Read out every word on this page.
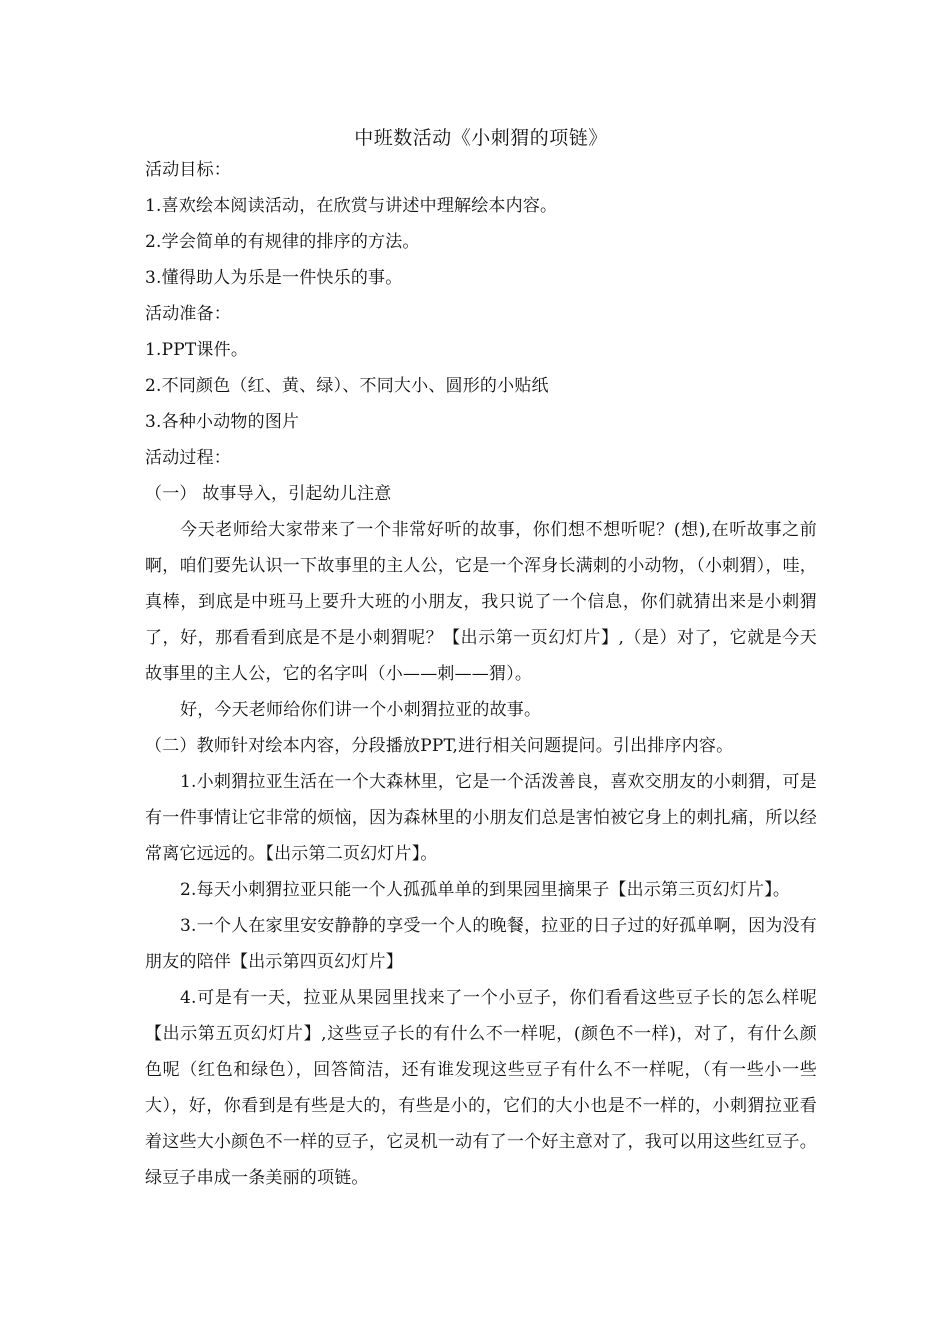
中班数活动《小刺猬的项链》

活动目标：

1.喜欢绘本阅读活动，在欣赏与讲述中理解绘本内容。

2.学会简单的有规律的排序的方法。

3.懂得助人为乐是一件快乐的事。

活动准备：

1.PPT课件。

2.不同颜色（红、黄、绿）、不同大小、圆形的小贴纸

3.各种小动物的图片

活动过程：

（一） 故事导入，引起幼儿注意

今天老师给大家带来了一个非常好听的故事，你们想不想听呢？(想),在听故事之前啊，咱们要先认识一下故事里的主人公，它是一个浑身长满刺的小动物，（小刺猬），哇，真棒，到底是中班马上要升大班的小朋友，我只说了一个信息，你们就猜出来是小刺猬了，好，那看看到底是不是小刺猬呢？【出示第一页幻灯片】,（是）对了，它就是今天故事里的主人公，它的名字叫（小——刺——猬）。

好，今天老师给你们讲一个小刺猬拉亚的故事。

（二）教师针对绘本内容，分段播放PPT,进行相关问题提问。引出排序内容。

1.小刺猬拉亚生活在一个大森林里，它是一个活泼善良，喜欢交朋友的小刺猬，可是有一件事情让它非常的烦恼，因为森林里的小朋友们总是害怕被它身上的刺扎痛，所以经常离它远远的。【出示第二页幻灯片】。

2.每天小刺猬拉亚只能一个人孤孤单单的到果园里摘果子【出示第三页幻灯片】。

3.一个人在家里安安静静的享受一个人的晚餐，拉亚的日子过的好孤单啊，因为没有朋友的陪伴【出示第四页幻灯片】

4.可是有一天，拉亚从果园里找来了一个小豆子，你们看看这些豆子长的怎么样呢【出示第五页幻灯片】,这些豆子长的有什么不一样呢，(颜色不一样)，对了，有什么颜色呢（红色和绿色），回答简洁，还有谁发现这些豆子有什么不一样呢，（有一些小一些大），好，你看到是有些是大的，有些是小的，它们的大小也是不一样的，小刺猬拉亚看着这些大小颜色不一样的豆子，它灵机一动有了一个好主意对了，我可以用这些红豆子。绿豆子串成一条美丽的项链。
